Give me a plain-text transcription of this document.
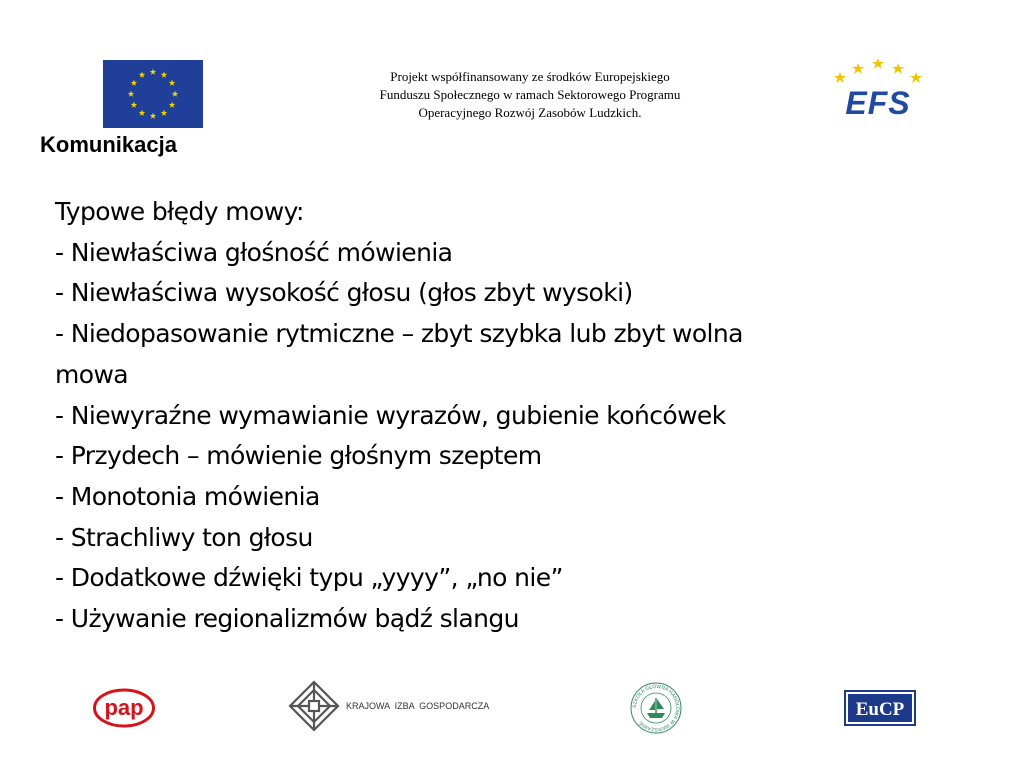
Projekt współfinansowany ze środków Europejskiego
Funduszu Społecznego w ramach Sektorowego Programu
Operacyjnego Rozwój Zasobów Ludzkich.	EFS
Komunikacja
Typowe błędy mowy:
- Niewłaściwa głośność mówienia
- Niewłaściwa wysokość głosu (głos zbyt wysoki)
- Niedopasowanie rytmiczne – zbyt szybka lub zbyt wolna
mowa
- Niewyraźne wymawianie wyrazów, gubienie końcówek
- Przydech – mówienie głośnym szeptem
- Monotonia mówienia
- Strachliwy ton głosu
- Dodatkowe dźwięki typu „yyyy”, „no nie”
- Używanie regionalizmów bądź slangu
pap	KRAJOWA  IZBA  GOSPODARCZA	SZKOŁA GŁÓWNA HANDLOWA W WARSZAWIE
EuCP
